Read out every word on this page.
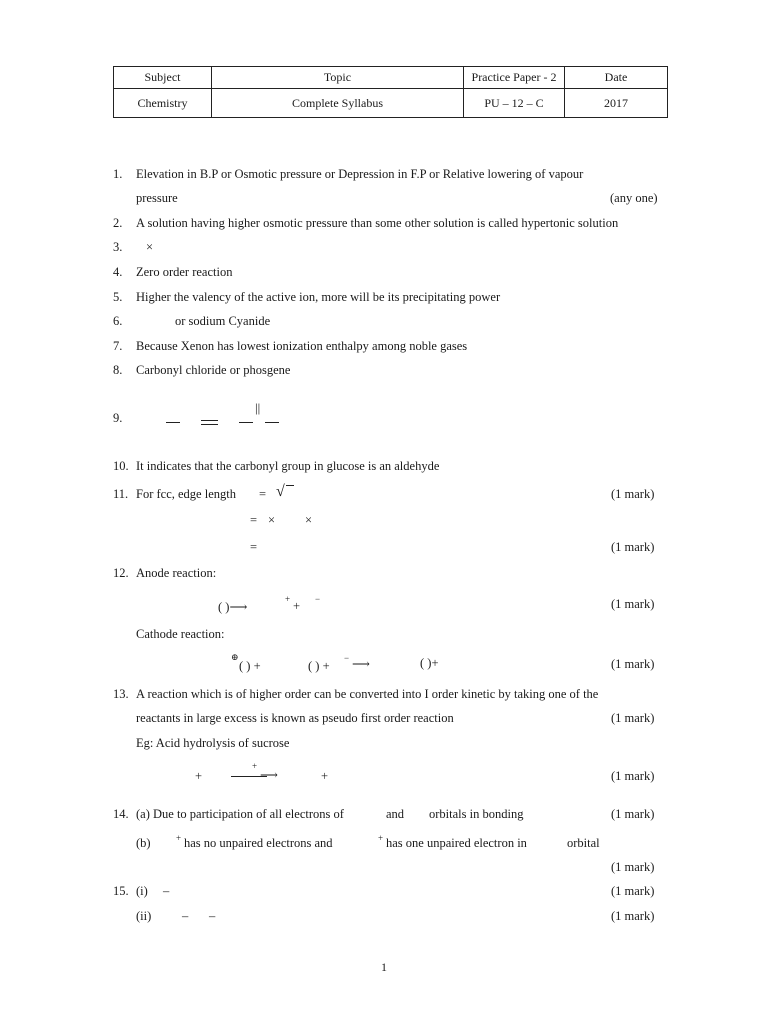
Subject	Topic	Practice Paper - 2	Date
Chemistry	Complete Syllabus	PU – 12 – C	2017
1. Elevation in B.P or Osmotic pressure or Depression in F.P or Relative lowering of vapour
pressure	(any one)
2. A solution having higher osmotic pressure than some other solution is called hypertonic solution
3. ×
4. Zero order reaction
5. Higher the valency of the active ion, more will be its precipitating power
6.	or sodium Cyanide
7. Because Xenon has lowest ionization enthalpy among noble gases
8. Carbonyl chloride or phosgene
9.
||
10. It indicates that the carbonyl group in glucose is an aldehyde
11. For fcc, edge length = √	(1 mark)
= × ×
=	(1 mark)
12. Anode reaction:
( )⟶
+ + −	(1 mark)
Cathode reaction:
⊕
( ) +	( ) +
− ⟶	( )+	(1 mark)
13. A reaction which is of higher order can be converted into I order kinetic by taking one of the
reactants in large excess is known as pseudo first order reaction	(1 mark)
Eg: Acid hydrolysis of sucrose
+
+
⟶	+	(1 mark)
14. (a) Due to participation of all electrons of	and orbitals in bonding	(1 mark)
(b)	+ has no unpaired electrons and	+ has one unpaired electron in	orbital
(1 mark)
15. (i) –	(1 mark)
(ii) – –	(1 mark)
1
